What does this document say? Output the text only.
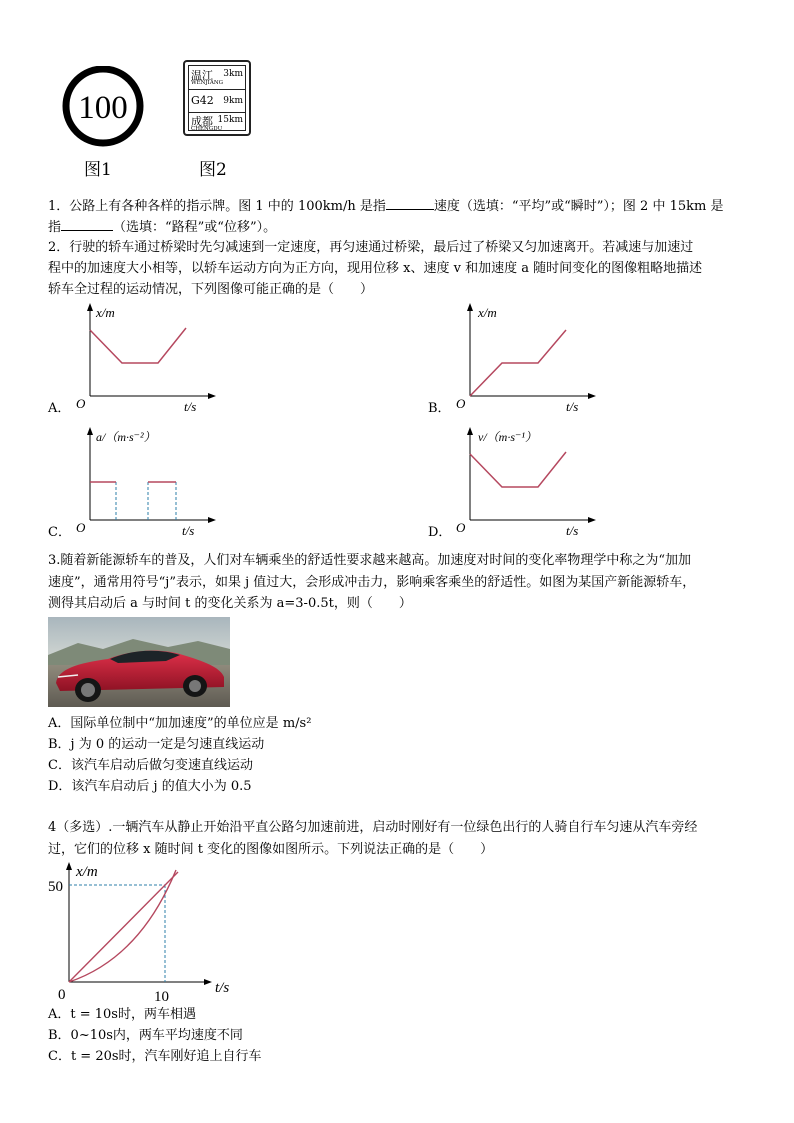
100
图1
温江 3km
WENJIANG
G42 9km
成都 15km
CHENGDU
图2
1．公路上有各种各样的指示牌。图 1 中的 100km/h 是指	速度（选填：“平均”或“瞬时”）；图 2 中 15km 是
指	（选填：“路程”或“位移”）。
2．行驶的轿车通过桥梁时先匀减速到一定速度，再匀速通过桥梁，最后过了桥梁又匀加速离开。若减速与加速过
程中的加速度大小相等，以轿车运动方向为正方向，现用位移 x、速度 v 和加速度 a 随时间变化的图像粗略地描述
轿车全过程的运动情况，下列图像可能正确的是（　　）
A．
x/m
O	t/s	B．
x/m
O	t/s
C．
a/（m·s⁻²）
O	t/s	D．
v/（m·s⁻¹）
O	t/s
3.随着新能源轿车的普及，人们对车辆乘坐的舒适性要求越来越高。加速度对时间的变化率物理学中称之为“加加
速度”，通常用符号“j”表示，如果 j 值过大，会形成冲击力，影响乘客乘坐的舒适性。如图为某国产新能源轿车，
测得其启动后 a 与时间 t 的变化关系为 a=3-0.5t，则（　　）
A．国际单位制中“加加速度”的单位应是 m/s²
B．j 为 0 的运动一定是匀速直线运动
C．该汽车启动后做匀变速直线运动
D．该汽车启动后 j 的值大小为 0.5
4（多选）.一辆汽车从静止开始沿平直公路匀加速前进，启动时刚好有一位绿色出行的人骑自行车匀速从汽车旁经
过，它们的位移 x 随时间 t 变化的图像如图所示。下列说法正确的是（　　）
x/m
50
0	10
t/s
A．t = 10s时，两车相遇
B．0~10s内，两车平均速度不同
C．t = 20s时，汽车刚好追上自行车
